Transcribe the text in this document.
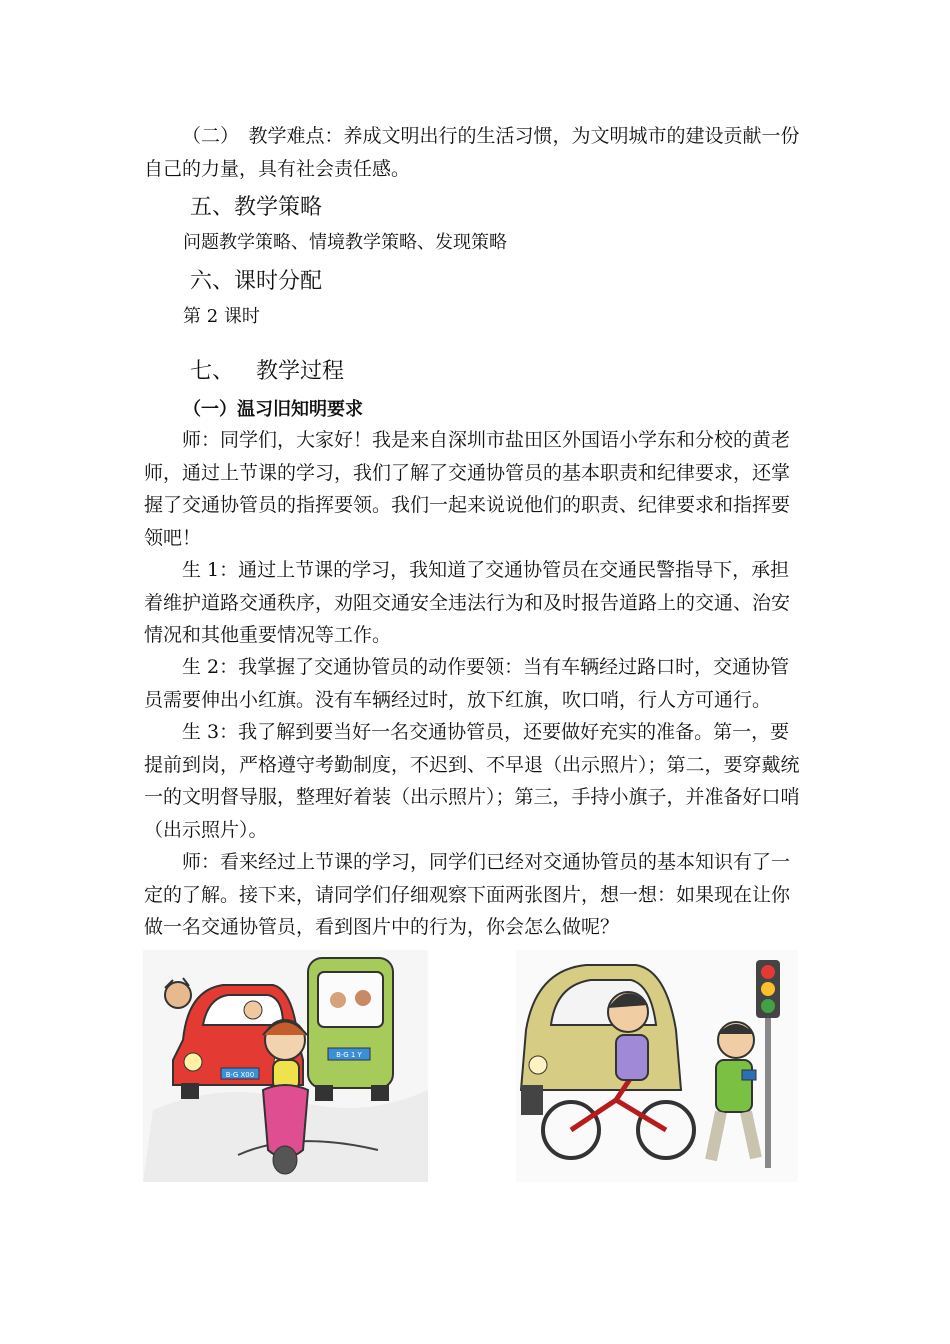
（二）  教学难点：养成文明出行的生活习惯，为文明城市的建设贡献一份自己的力量，具有社会责任感。

五、教学策略

问题教学策略、情境教学策略、发现策略

六、课时分配

第 2 课时

七、  教学过程

（一）温习旧知明要求

师：同学们，大家好！我是来自深圳市盐田区外国语小学东和分校的黄老师，通过上节课的学习，我们了解了交通协管员的基本职责和纪律要求，还掌握了交通协管员的指挥要领。我们一起来说说他们的职责、纪律要求和指挥要领吧！

生 1：通过上节课的学习，我知道了交通协管员在交通民警指导下，承担着维护道路交通秩序，劝阻交通安全违法行为和及时报告道路上的交通、治安情况和其他重要情况等工作。

生 2：我掌握了交通协管员的动作要领：当有车辆经过路口时，交通协管员需要伸出小红旗。没有车辆经过时，放下红旗，吹口哨，行人方可通行。

生 3：我了解到要当好一名交通协管员，还要做好充实的准备。第一，要提前到岗，严格遵守考勤制度，不迟到、不早退（出示照片）；第二，要穿戴统一的文明督导服，整理好着装（出示照片）；第三，手持小旗子，并准备好口哨　　　（出示照片）。

师：看来经过上节课的学习，同学们已经对交通协管员的基本知识有了一定的了解。接下来，请同学们仔细观察下面两张图片，想一想：如果现在让你做一名交通协管员，看到图片中的行为，你会怎么做呢？

B·G 1 Y
B·G X00
